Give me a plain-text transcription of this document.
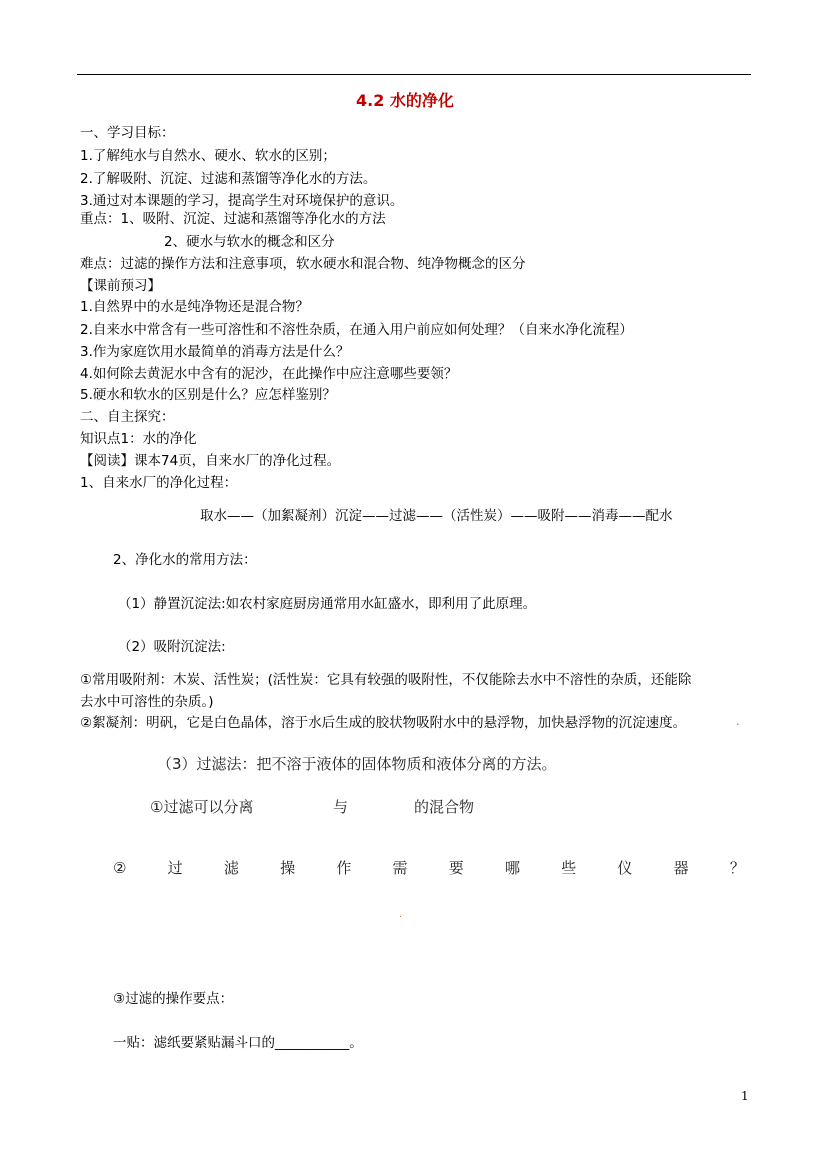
4.2 水的净化
一、学习目标：
1.了解纯水与自然水、硬水、软水的区别；
2.了解吸附、沉淀、过滤和蒸馏等净化水的方法。
3.通过对本课题的学习，提高学生对环境保护的意识。
重点：1、吸附、沉淀、过滤和蒸馏等净化水的方法
2、硬水与软水的概念和区分
难点：过滤的操作方法和注意事项，软水硬水和混合物、纯净物概念的区分
【课前预习】
1.自然界中的水是纯净物还是混合物？
2.自来水中常含有一些可溶性和不溶性杂质，在通入用户前应如何处理？（自来水净化流程）
3.作为家庭饮用水最简单的消毒方法是什么？
4.如何除去黄泥水中含有的泥沙，在此操作中应注意哪些要领？
5.硬水和软水的区别是什么？应怎样鉴别？
二、自主探究：
知识点1：水的净化
【阅读】课本74页，自来水厂的净化过程。
1、自来水厂的净化过程：
取水——（加絮凝剂）沉淀——过滤——（活性炭）——吸附——消毒——配水
2、净化水的常用方法：
（1）静置沉淀法:如农村家庭厨房通常用水缸盛水，即利用了此原理。
（2）吸附沉淀法:
①常用吸附剂：木炭、活性炭；(活性炭：它具有较强的吸附性，不仅能除去水中不溶性的杂质，还能除
去水中可溶性的杂质。)
②絮凝剂：明矾，它是白色晶体，溶于水后生成的胶状物吸附水中的悬浮物，加快悬浮物的沉淀速度。	.
（3）过滤法：把不溶于液体的固体物质和液体分离的方法。
①过滤可以分离	与	的混合物
②	过	滤	操	作	需	要	哪	些	仪	器	？
.
③过滤的操作要点：
一贴：滤纸要紧贴漏斗口的___________。
1
